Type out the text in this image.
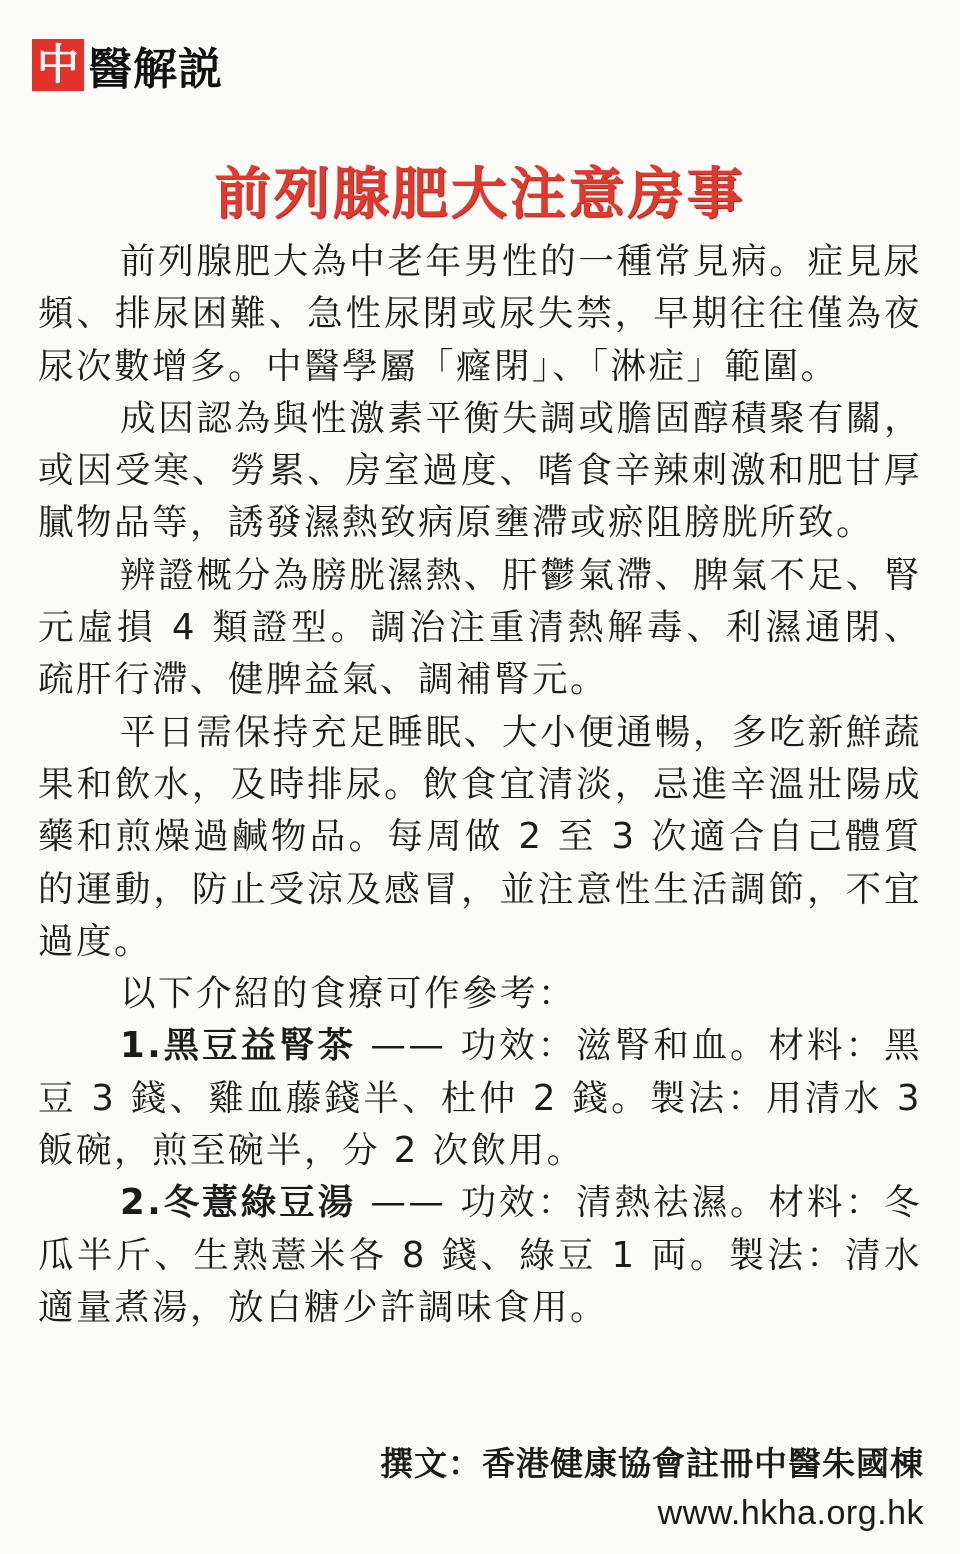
中 醫解説
前列腺肥大注意房事

前列腺肥大為中老年男性的一種常見病。症見尿頻、排尿困難、急性尿閉或尿失禁，早期往往僅為夜尿次數增多。中醫學屬「癃閉」、「淋症」範圍。

成因認為與性激素平衡失調或膽固醇積聚有關，或因受寒、勞累、房室過度、嗜食辛辣刺激和肥甘厚膩物品等，誘發濕熱致病原壅滯或瘀阻膀胱所致。

辨證概分為膀胱濕熱、肝鬱氣滯、脾氣不足、腎元虛損 4 類證型。調治注重清熱解毒、利濕通閉、疏肝行滯、健脾益氣、調補腎元。

平日需保持充足睡眠、大小便通暢，多吃新鮮蔬果和飲水，及時排尿。飲食宜清淡，忌進辛溫壯陽成藥和煎燥過鹹物品。每周做 2 至 3 次適合自己體質的運動，防止受涼及感冒，並注意性生活調節，不宜過度。

以下介紹的食療可作參考：

1.黑豆益腎茶 —— 功效：滋腎和血。材料：黑豆 3 錢、雞血藤錢半、杜仲 2 錢。製法：用清水 3 飯碗，煎至碗半，分 2 次飲用。

2.冬薏綠豆湯 —— 功效：清熱祛濕。材料：冬瓜半斤、生熟薏米各 8 錢、綠豆 1 両。製法：清水適量煮湯，放白糖少許調味食用。

撰文：香港健康協會註冊中醫朱國棟
www.hkha.org.hk
